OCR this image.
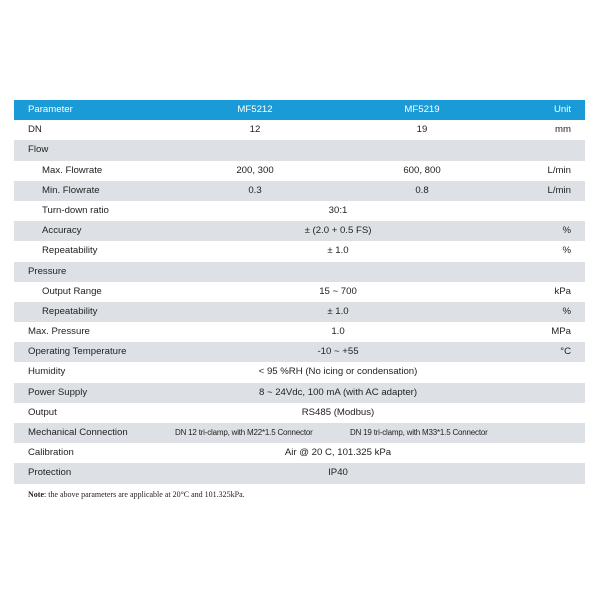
Parameter	MF5212	MF5219	Unit
DN	12	19	mm
Flow
Max. Flowrate	200, 300	600, 800	L/min
Min. Flowrate	0.3	0.8	L/min
Turn-down ratio	30:1
Accuracy	± (2.0 + 0.5 FS)	%
Repeatability	± 1.0	%
Pressure
Output Range	15 ~ 700	kPa
Repeatability	± 1.0	%
Max. Pressure	1.0	MPa
Operating Temperature	-10 ~ +55	°C
Humidity	< 95 %RH (No icing or condensation)
Power Supply	8 ~ 24Vdc, 100 mA (with AC adapter)
Output	RS485 (Modbus)
Mechanical Connection	DN 12 tri-clamp, with M22*1.5 Connector	DN 19 tri-clamp, with M33*1.5 Connector
Calibration	Air @ 20 C, 101.325 kPa
Protection	IP40
Note: the above parameters are applicable at 20°C and 101.325kPa.
